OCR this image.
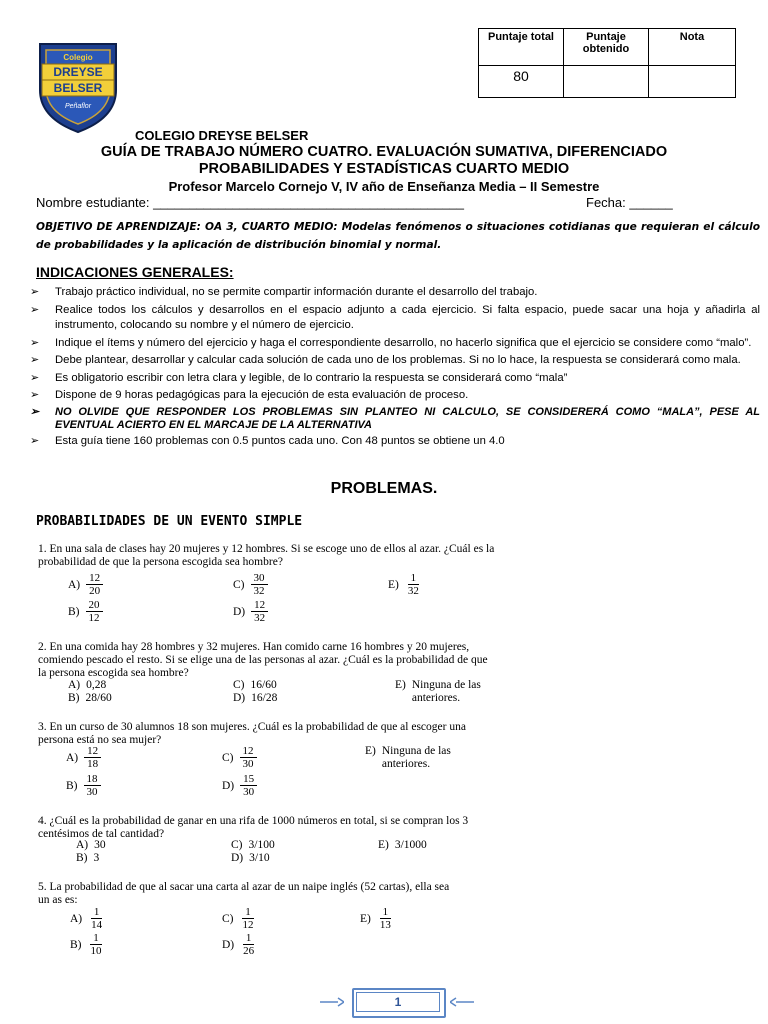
Puntaje total	Puntaje obtenido	Nota
80		
Colegio
DREYSE
BELSER
Peñaflor
COLEGIO DREYSE BELSER
GUÍA DE TRABAJO NÚMERO CUATRO. EVALUACIÓN SUMATIVA, DIFERENCIADO
PROBABILIDADES Y ESTADÍSTICAS CUARTO MEDIO
Profesor Marcelo Cornejo V, IV año de Enseñanza Media – II Semestre
Nombre estudiante: ___________________________________________	Fecha: ______
OBJETIVO DE APRENDIZAJE: OA 3, CUARTO MEDIO: Modelas fenómenos o situaciones cotidianas que requieran el cálculo de probabilidades y la aplicación de distribución binomial y normal.
INDICACIONES GENERALES:
➢ Trabajo práctico individual, no se permite compartir información durante el desarrollo del trabajo.
➢ Realice todos los cálculos y desarrollos en el espacio adjunto a cada ejercicio. Si falta espacio, puede sacar una hoja y añadirla al instrumento, colocando su nombre y el número de ejercicio.
➢ Indique el ítems y número del ejercicio y haga el correspondiente desarrollo, no hacerlo significa que el ejercicio se considere como “malo”.
➢ Debe plantear, desarrollar y calcular cada solución de cada uno de los problemas. Si no lo hace, la respuesta se considerará como mala.
➢ Es obligatorio escribir con letra clara y legible, de lo contrario la respuesta se considerará como “mala”
➢ Dispone de 9 horas pedagógicas para la ejecución de esta evaluación de proceso.
➢ NO OLVIDE QUE RESPONDER LOS PROBLEMAS SIN PLANTEO NI CALCULO, SE CONSIDERERÁ COMO “MALA”, PESE AL EVENTUAL ACIERTO EN EL MARCAJE DE LA ALTERNATIVA
➢ Esta guía tiene 160 problemas con 0.5 puntos cada uno. Con 48 puntos se obtiene un 4.0
PROBLEMAS.
PROBABILIDADES DE UN EVENTO SIMPLE
1. En una sala de clases hay 20 mujeres y 12 hombres. Si se escoge uno de ellos al azar. ¿Cuál es la probabilidad de que la persona escogida sea hombre?
$A) \frac{12}{20}$
$B) \frac{20}{12}$
$C) \frac{30}{32}$
$D) \frac{12}{32}$
$E) \frac{1}{32}$
2. En una comida hay 28 hombres y 32 mujeres. Han comido carne 16 hombres y 20 mujeres, comiendo pescado el resto. Si se elige una de las personas al azar. ¿Cuál es la probabilidad de que la persona escogida sea hombre?
A) 0,28
B) 28/60
C) 16/60
D) 16/28
E) Ninguna de las anteriores.
3. En un curso de 30 alumnos 18 son mujeres. ¿Cuál es la probabilidad de que al escoger una persona está no sea mujer?
$A) \frac{12}{18}$
$B) \frac{18}{30}$
$C) \frac{12}{30}$
$D) \frac{15}{30}$
E) Ninguna de las anteriores.
4. ¿Cuál es la probabilidad de ganar en una rifa de 1000 números en total, si se compran los 3 centésimos de tal cantidad?
A) 30
B) 3
C) 3/100
D) 3/10
E) 3/1000
5. La probabilidad de que al sacar una carta al azar de un naipe inglés (52 cartas), ella sea un as es:
$A) \frac{1}{14}$
$B) \frac{1}{10}$
$C) \frac{1}{12}$
$D) \frac{1}{26}$
$E) \frac{1}{13}$
1
